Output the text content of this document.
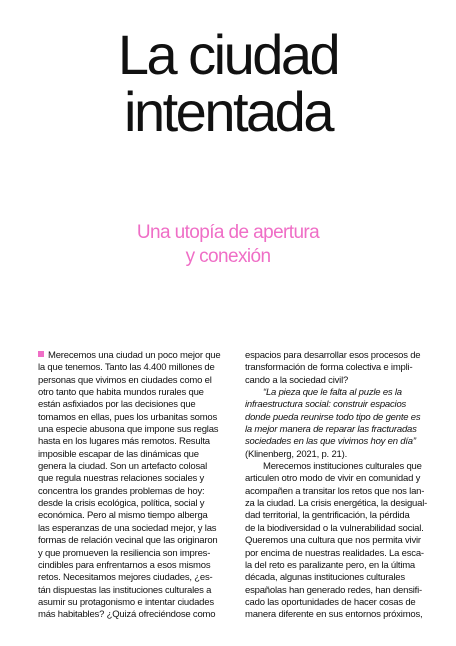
La ciudad
intentada
Una utopía de apertura
y conexión
Merecemos una ciudad un poco mejor que
la que tenemos. Tanto las 4.400 millones de
personas que vivimos en ciudades como el
otro tanto que habita mundos rurales que
están asfixiados por las decisiones que
tomamos en ellas, pues los urbanitas somos
una especie abusona que impone sus reglas
hasta en los lugares más remotos. Resulta
imposible escapar de las dinámicas que
genera la ciudad. Son un artefacto colosal
que regula nuestras relaciones sociales y
concentra los grandes problemas de hoy:
desde la crisis ecológica, política, social y
económica. Pero al mismo tiempo alberga
las esperanzas de una sociedad mejor, y las
formas de relación vecinal que las originaron
y que promueven la resiliencia son impres-
cindibles para enfrentarnos a esos mismos
retos. Necesitamos mejores ciudades, ¿es-
tán dispuestas las instituciones culturales a
asumir su protagonismo e intentar ciudades
más habitables? ¿Quizá ofreciéndose como
espacios para desarrollar esos procesos de
transformación de forma colectiva e impli-
cando a la sociedad civil?
“La pieza que le falta al puzle es la
infraestructura social: construir espacios
donde pueda reunirse todo tipo de gente es
la mejor manera de reparar las fracturadas
sociedades en las que vivimos hoy en día”
(Klinenberg, 2021, p. 21).
Merecemos instituciones culturales que
articulen otro modo de vivir en comunidad y
acompañen a transitar los retos que nos lan-
za la ciudad. La crisis energética, la desigual-
dad territorial, la gentrificación, la pérdida
de la biodiversidad o la vulnerabilidad social.
Queremos una cultura que nos permita vivir
por encima de nuestras realidades. La esca-
la del reto es paralizante pero, en la última
década, algunas instituciones culturales
españolas han generado redes, han densifi-
cado las oportunidades de hacer cosas de
manera diferente en sus entornos próximos,
